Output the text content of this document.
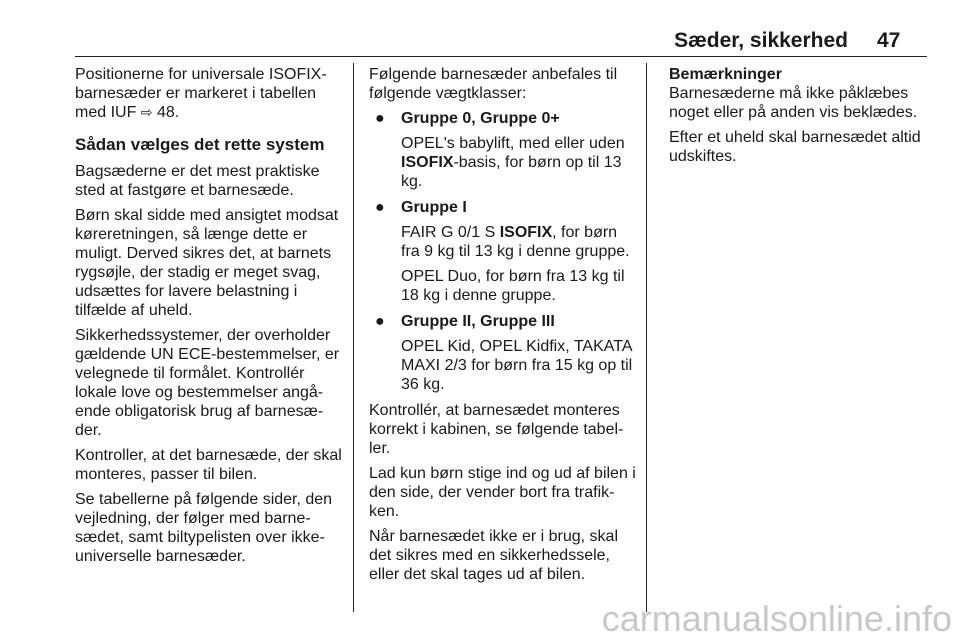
Sæder, sikkerhed 47

Positionerne for universale ISOFIX-barnesæder er markeret i tabellen med IUF ⇨ 48.

Sådan vælges det rette system

Bagsæderne er det mest praktiske sted at fastgøre et barnesæde.

Børn skal sidde med ansigtet modsat køreretningen, så længe dette er muligt. Derved sikres det, at barnets rygsøjle, der stadig er meget svag, udsættes for lavere belastning i tilfælde af uheld.

Sikkerhedssystemer, der overholder gældende UN ECE-bestemmelser, er velegnede til formålet. Kontrollér lokale love og bestemmelser angå-ende obligatorisk brug af barnesæ-der.

Kontroller, at det barnesæde, der skal monteres, passer til bilen.

Se tabellerne på følgende sider, den vejledning, der følger med barne-sædet, samt biltypelisten over ikke-universelle barnesæder.

Følgende barnesæder anbefales til følgende vægtklasser:

● Gruppe 0, Gruppe 0+

OPEL's babylift, med eller uden ISOFIX-basis, for børn op til 13 kg.

● Gruppe I

FAIR G 0/1 S ISOFIX, for børn fra 9 kg til 13 kg i denne gruppe.

OPEL Duo, for børn fra 13 kg til 18 kg i denne gruppe.

● Gruppe II, Gruppe III

OPEL Kid, OPEL Kidfix, TAKATA MAXI 2/3 for børn fra 15 kg op til 36 kg.

Kontrollér, at barnesædet monteres korrekt i kabinen, se følgende tabel-ler.

Lad kun børn stige ind og ud af bilen i den side, der vender bort fra trafik-ken.

Når barnesædet ikke er i brug, skal det sikres med en sikkerhedssele, eller det skal tages ud af bilen.

Bemærkninger
Barnesæderne må ikke påklæbes noget eller på anden vis beklædes.

Efter et uheld skal barnesædet altid udskiftes.

carmanualsonline.info
